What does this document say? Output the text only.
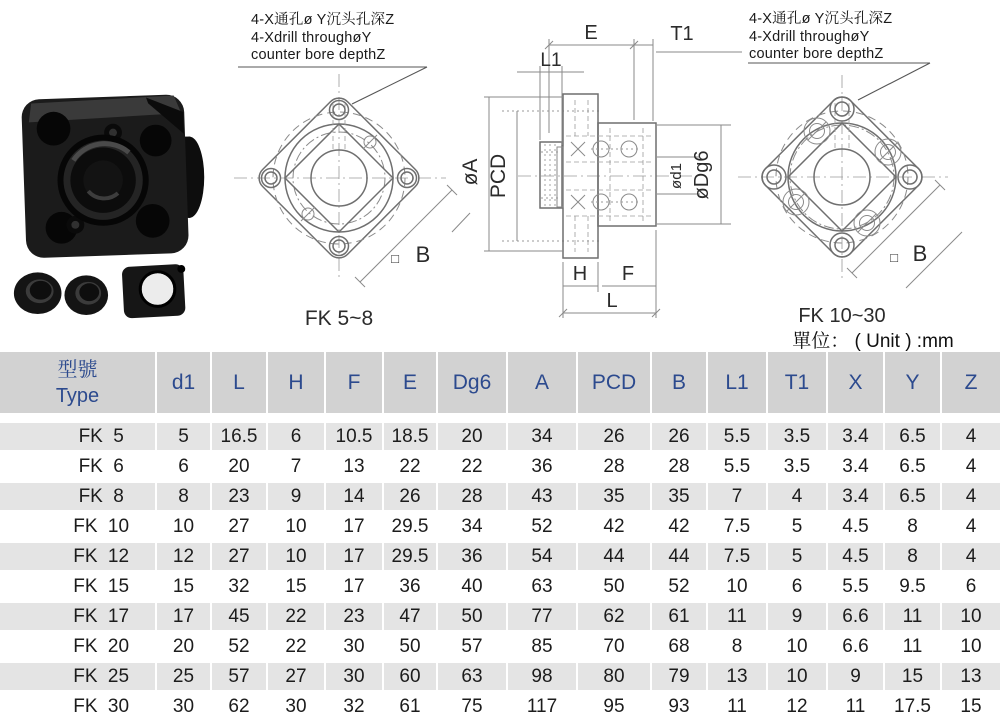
4-X通孔ø Y沉头孔深Z
4-Xdrill throughøY
counter bore depthZ
4-X通孔ø Y沉头孔深Z
4-Xdrill throughøY
counter bore depthZ
□ B
FK 5~8
E	T1
L1
øA PCD	ød1 øDg6
H F
L
□ B
FK 10~30
單位： ( Unit ) :mm
型號
Type	d1	L	H	F	E	Dg6	A	PCD	B	L1	T1	X	Y	Z
FK 5	5	16.5	6	10.5	18.5	20	34	26	26	5.5	3.5	3.4	6.5	4
FK 6	6	20	7	13	22	22	36	28	28	5.5	3.5	3.4	6.5	4
FK 8	8	23	9	14	26	28	43	35	35	7	4	3.4	6.5	4
FK 10	10	27	10	17	29.5	34	52	42	42	7.5	5	4.5	8	4
FK 12	12	27	10	17	29.5	36	54	44	44	7.5	5	4.5	8	4
FK 15	15	32	15	17	36	40	63	50	52	10	6	5.5	9.5	6
FK 17	17	45	22	23	47	50	77	62	61	11	9	6.6	11	10
FK 20	20	52	22	30	50	57	85	70	68	8	10	6.6	11	10
FK 25	25	57	27	30	60	63	98	80	79	13	10	9	15	13
FK 30	30	62	30	32	61	75	117	95	93	11	12	11	17.5	15
